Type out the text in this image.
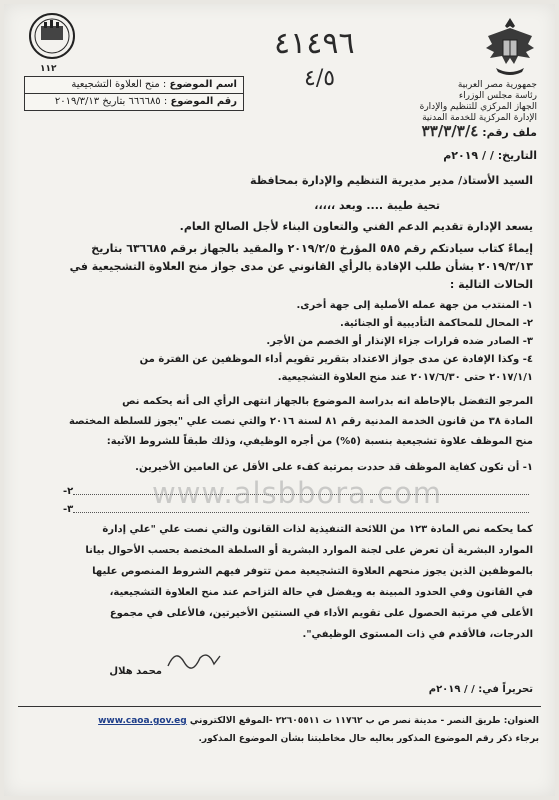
جمهورية مصر العربية
رئاسة مجلس الوزراء
الجهاز المركزي للتنظيم والإدارة
الإدارة المركزية للخدمة المدنية
ملف رقم: ٣٣/٣/٣/٤
التاريخ: / / ٢٠١٩م
٤١٤٩٦
٤/٥
١١٢
اسم الموضوع : منح العلاوة التشجيعية
رقم الموضوع : ٦٦٦٦٨٥ بتاريخ ٢٠١٩/٣/١٣
السيد الأستاذ/ مدير مديرية التنظيم والإدارة بمحافظة
تحية طيبة .... وبعد ،،،،،
يسعد الإدارة تقديم الدعم الفني والتعاون البناء لأجل الصالح العام.
إيماءً كتاب سيادتكم رقم ٥٨٥ المؤرخ ٢٠١٩/٢/٥ والمقيد بالجهاز برقم ٦٣٦٦٨٥ بتاريخ
٢٠١٩/٣/١٣ بشأن طلب الإفادة بالرأي القانوني عن مدى جواز منح العلاوة التشجيعية في
الحالات التالية :
١- المنتدب من جهة عمله الأصلية إلى جهة أخرى.
٢- المحال للمحاكمة التأديبية أو الجنائية.
٣- الصادر ضده قرارات جزاء الإنذار أو الخصم من الأجر.
٤- وكذا الإفادة عن مدى جواز الاعتداد بتقرير تقويم أداء الموظفين عن الفترة من
٢٠١٧/١/١ حتى ٢٠١٧/٦/٣٠ عند منح العلاوة التشجيعية.
المرجو التفضل بالإحاطة انه بدراسة الموضوع بالجهاز انتهى الرأي الى أنه يحكمه نص
المادة ٣٨ من قانون الخدمة المدنية رقم ٨١ لسنة ٢٠١٦ والتي نصت علي "يجوز للسلطة المختصة
منح الموظف علاوة تشجيعية بنسبة (٥%) من أجره الوظيفي، وذلك طبقاً للشروط الآتية:
١- أن تكون كفاية الموظف قد حددت بمرتبة كفء على الأقل عن العامين الأخيرين.
٢-
٣-	www.alsbbora.com
كما يحكمه نص المادة ١٢٣ من اللائحة التنفيذية لذات القانون والتي نصت علي "علي إدارة
الموارد البشرية أن تعرض على لجنة الموارد البشرية أو السلطة المختصة بحسب الأحوال بيانا
بالموظفين الذين يجوز منحهم العلاوة التشجيعية ممن تتوفر فيهم الشروط المنصوص عليها
في القانون وفي الحدود المبينة به ويفضل في حالة التزاحم عند منح العلاوة التشجيعية،
الأعلى في مرتبة الحصول على تقويم الأداء في السنتين الأخيرتين، فالأعلى في مجموع
الدرجات، فالأقدم في ذات المستوى الوظيفي".
محمد هلال
تحريراً في: / / ٢٠١٩م
العنوان: طريق النصر - مدينة نصر ص ب ١١٧٦٢ ت ٢٢٦٠٥٥١١ -الموقع الالكتروني www.caoa.gov.eg
برجاء ذكر رقم الموضوع المذكور بعاليه حال مخاطبتنا بشأن الموضوع المذكور.
